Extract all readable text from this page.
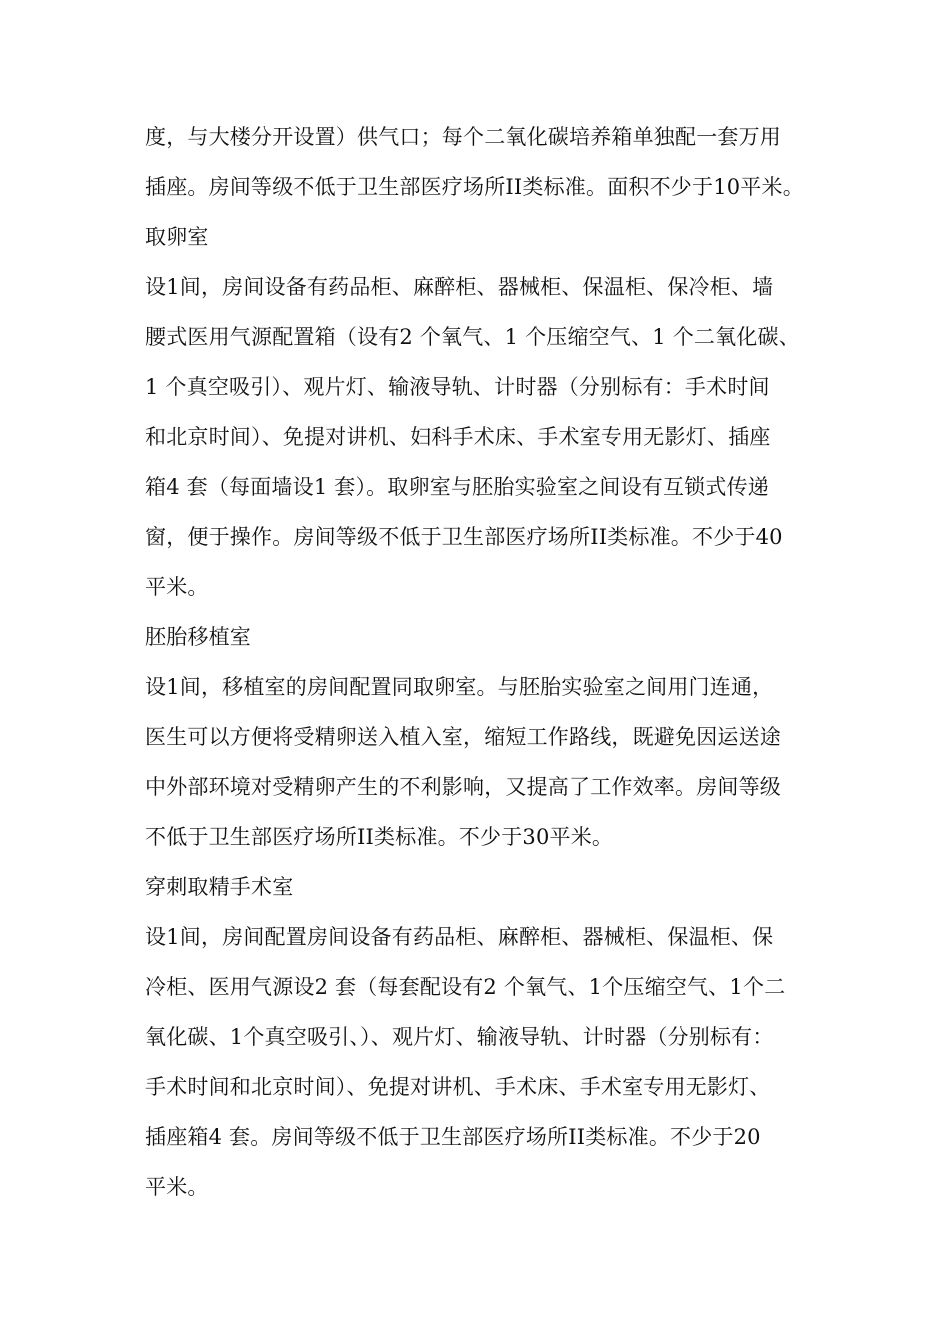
度，与大楼分开设置）供气口；每个二氧化碳培养箱单独配一套万用
插座。房间等级不低于卫生部医疗场所II类标准。面积不少于10平米。
取卵室
设1间，房间设备有药品柜、麻醉柜、器械柜、保温柜、保冷柜、墙
腰式医用气源配置箱（设有2 个氧气、1 个压缩空气、1 个二氧化碳、
1 个真空吸引）、观片灯、输液导轨、计时器（分别标有：手术时间
和北京时间）、免提对讲机、妇科手术床、手术室专用无影灯、插座
箱4 套（每面墙设1 套）。取卵室与胚胎实验室之间设有互锁式传递
窗，便于操作。房间等级不低于卫生部医疗场所II类标准。不少于40
平米。
胚胎移植室
设1间，移植室的房间配置同取卵室。与胚胎实验室之间用门连通，
医生可以方便将受精卵送入植入室，缩短工作路线，既避免因运送途
中外部环境对受精卵产生的不利影响，又提高了工作效率。房间等级
不低于卫生部医疗场所II类标准。不少于30平米。
穿刺取精手术室
设1间，房间配置房间设备有药品柜、麻醉柜、器械柜、保温柜、保
冷柜、医用气源设2 套（每套配设有2 个氧气、1个压缩空气、1个二
氧化碳、1个真空吸引、）、观片灯、输液导轨、计时器（分别标有：
手术时间和北京时间）、免提对讲机、手术床、手术室专用无影灯、
插座箱4 套。房间等级不低于卫生部医疗场所II类标准。不少于20
平米。
